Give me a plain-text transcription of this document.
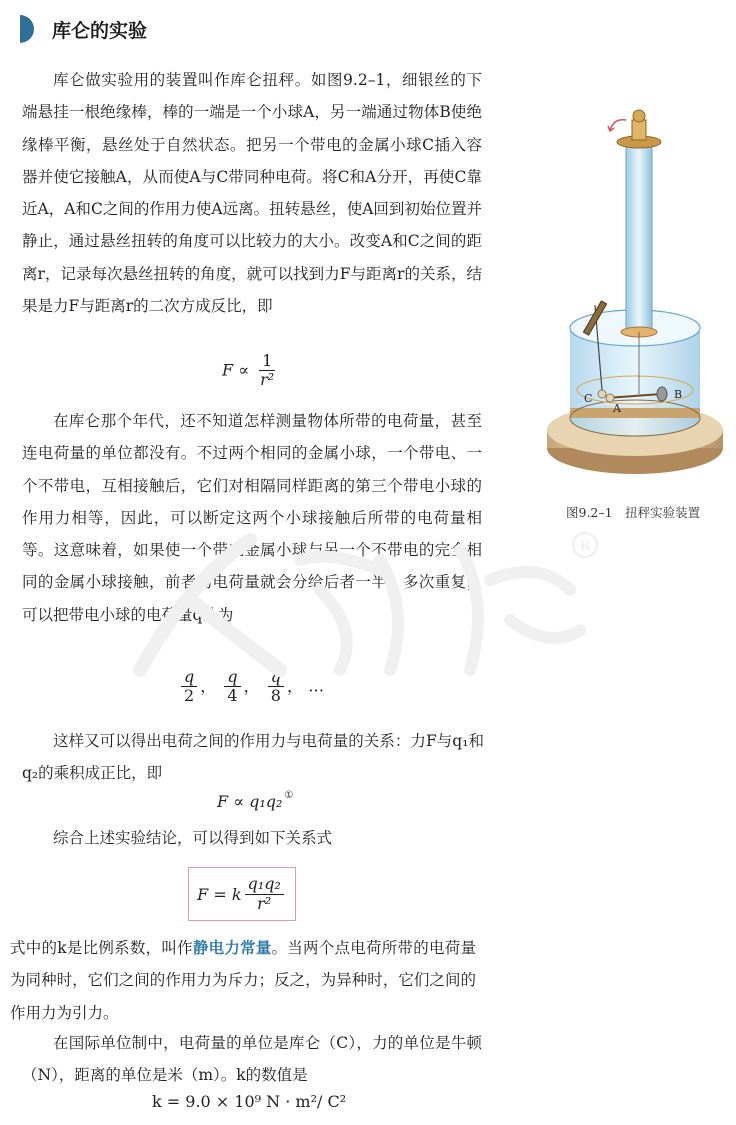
库仑的实验

库仑做实验用的装置叫作库仑扭秤。如图9.2–1，细银丝的下端悬挂一根绝缘棒，棒的一端是一个小球A，另一端通过物体B使绝缘棒平衡，悬丝处于自然状态。把另一个带电的金属小球C插入容器并使它接触A，从而使A与C带同种电荷。将C和A分开，再使C靠近A，A和C之间的作用力使A远离。扭转悬丝，使A回到初始位置并静止，通过悬丝扭转的角度可以比较力的大小。改变A和C之间的距离r，记录每次悬丝扭转的角度，就可以找到力F与距离r的关系，结果是力F与距离r的二次方成反比，即

$F \propto \frac{1}{\text{r²}}$

在库仑那个年代，还不知道怎样测量物体所带的电荷量，甚至连电荷量的单位都没有。不过两个相同的金属小球，一个带电、一个不带电，互相接触后，它们对相隔同样距离的第三个带电小球的作用力相等，因此，可以断定这两个小球接触后所带的电荷量相等。这意味着，如果使一个带电金属小球与另一个不带电的完全相同的金属小球接触，前者的电荷量就会分给后者一半。多次重复，可以把带电小球的电荷量q分为

$\frac{q}{2}$ ， $\frac{q}{4}$ ， $\frac{q}{8}$ ， …

这样又可以得出电荷之间的作用力与电荷量的关系：力F与q₁和q₂的乘积成正比，即

F ∝ q₁q₂ ①

综合上述实验结论，可以得到如下关系式

F = k $\frac{\text{q₁q₂}}{\text{r²}}$

式中的k是比例系数，叫作静电力常量。当两个点电荷所带的电荷量为同种时，它们之间的作用力为斥力；反之，为异种时，它们之间的作用力为引力。

在国际单位制中，电荷量的单位是库仑（C），力的单位是牛顿（N），距离的单位是米（m）。k的数值是

k = 9.0 × 10⁹ N · m²/ C²
C
A
B
图9.2–1　扭秤实验装置
R
